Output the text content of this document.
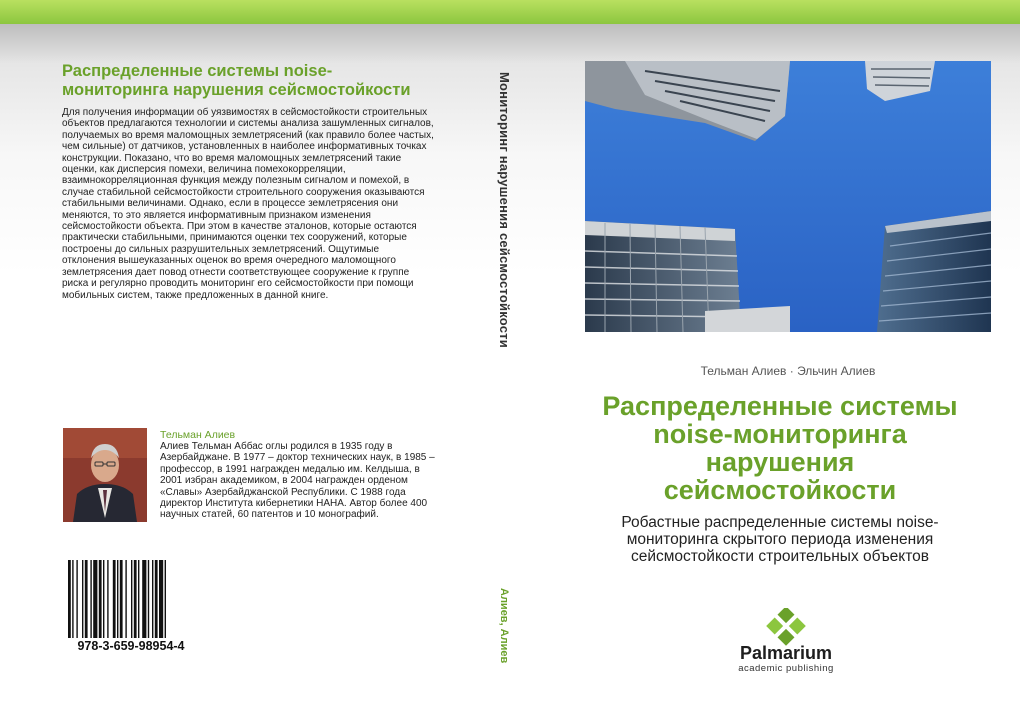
Распределенные системы noise-мониторинга нарушения сейсмостойкости

Для получения информации об уязвимостях в сейсмостойкости строительных объектов предлагаются технологии и системы анализа зашумленных сигналов, получаемых во время маломощных землетрясений (как правило более частых, чем сильные) от датчиков, установленных в наиболее информативных точках конструкции. Показано, что во время маломощных землетрясений такие оценки, как дисперсия помехи, величина помехокорреляции, взаимнокорреляционная функция между полезным сигналом и помехой, в случае стабильной сейсмостойкости строительного сооружения оказываются стабильными величинами. Однако, если в процессе землетрясения они меняются, то это является информативным признаком изменения сейсмостойкости объекта. При этом в качестве эталонов, которые остаются практически стабильными, принимаются оценки тех сооружений, которые построены до сильных разрушительных землетрясений. Ощутимые отклонения вышеуказанных оценок во время очередного маломощного землетрясения дает повод отнести соответствующее сооружение к группе риска и регулярно проводить мониторинг его сейсмостойкости при помощи мобильных систем, также предложенных в данной книге.

Тельман Алиев

Алиев Тельман Аббас оглы родился в 1935 году в Азербайджане. В 1977 – доктор технических наук, в 1985 – профессор, в 1991 награжден медалью им. Келдыша, в 2001 избран академиком, в 2004 награжден орденом «Славы» Азербайджанской Республики. С 1988 года директор Института кибернетики НАНА. Автор более 400 научных статей, 60 патентов и 10 монографий.

978-3-659-98954-4

Мониторинг нарушения сейсмостойкости

Алиев, Алиев

Тельман Алиев · Эльчин Алиев

Распределенные системы noise-мониторинга нарушения сейсмостойкости

Робастные распределенные системы noise-мониторинга скрытого периода изменения сейсмостойкости строительных объектов

Palmarium

academic publishing
